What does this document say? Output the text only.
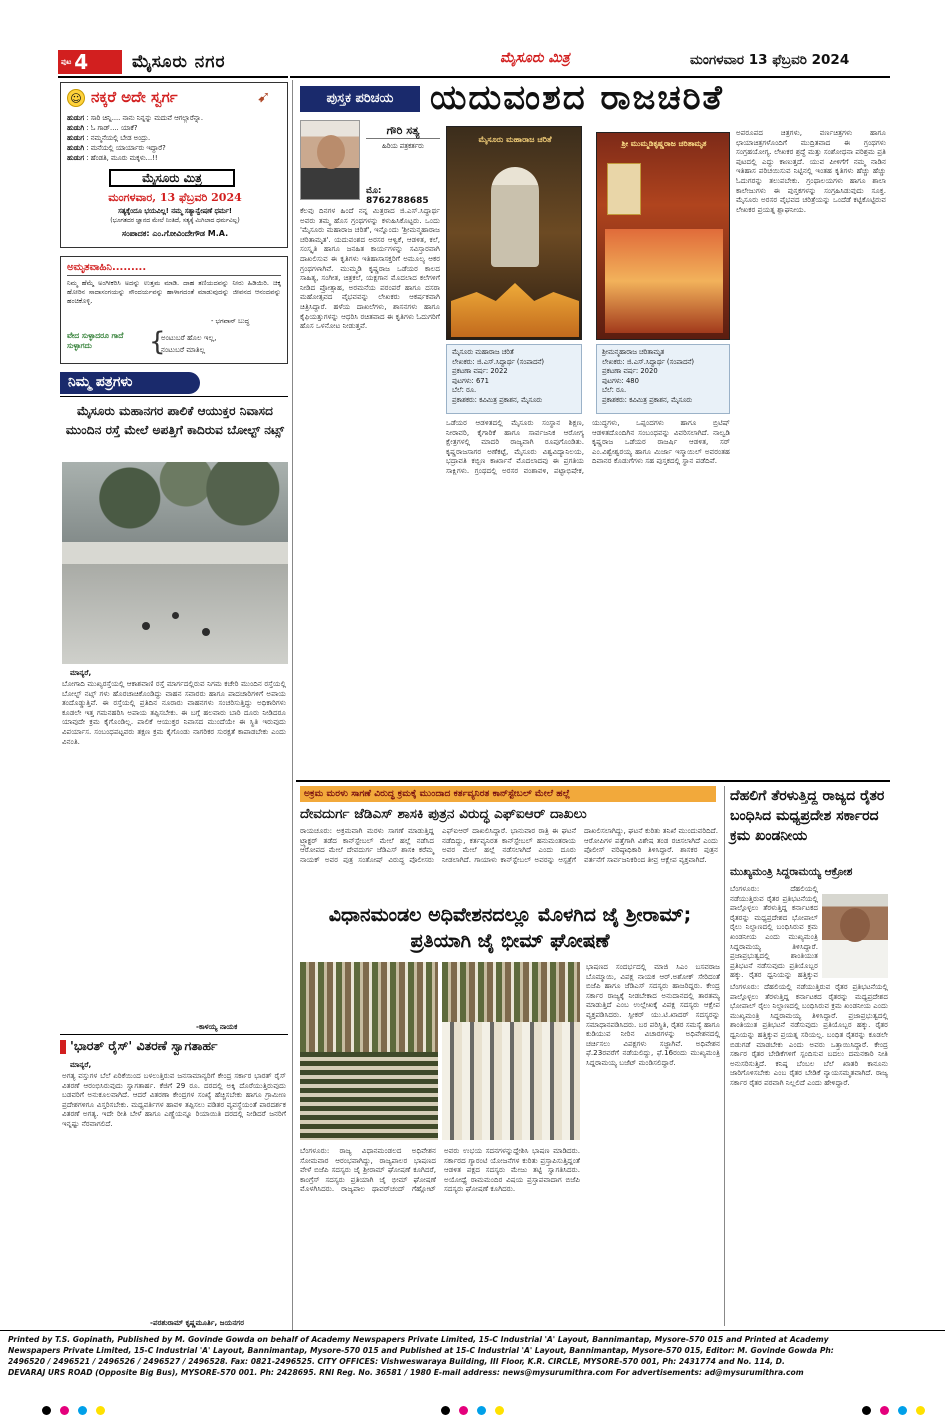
ಪುಟ 4	ಮೈಸೂರು ನಗರ	ಮೈಸೂರು ಮಿತ್ರ	ಮಂಗಳವಾರ 13 ಫೆಬ್ರವರಿ 2024
☺ ನಕ್ಕರೆ ಅದೇ ಸ್ವರ್ಗ	➹
ಹುಡುಗ : ಸಾರಿ ಚಿನ್ನಿ.... ನಾನು ನಿನ್ನನ್ನು ಮದುವೆ ಆಗಲ್ಲಾರೆನ್ನಾ.
ಹುಡುಗಿ : ಓ ಗಾಡ್.... ಯಾಕೆ?
ಹುಡುಗ : ನಮ್ಮನೆಯಲ್ಲಿ ಬೇಡ ಅಂದ್ರು.
ಹುಡುಗಿ : ಮನೆಯಲ್ಲಿ ಯಾರ್ಯಾರು ಇದ್ದಾರೆ?
ಹುಡುಗ : ಹೆಂಡತಿ, ಮೂರು ಮಕ್ಕಳು...!!
ಮೈಸೂರು ಮಿತ್ರ
ಮಂಗಳವಾರ, 13 ಫೆಬ್ರವರಿ 2024
ಸತ್ಯಕ್ಕೆಂದೂ ಭಯವಿಲ್ಲ! ನಮ್ಮ ಸತ್ಯಾನ್ವೇಷಣೆ ಧರ್ಮ!
(ಭೂಗತದರ ಜ್ಞಾನದ ಮೇಲೆ ನಿಂತಿದೆ, ಸತ್ಯಕ್ಕೆ ಮಿಗಿಲಾದ ಧರ್ಮವಿಲ್ಲ)
ಸಂಪಾದಕ: ಎಂ.ಗೋವಿಂದೇಗೌಡ M.A.
ಅಮೃತವಾಹಿನಿ.........
ನಿಮ್ಮ ಹೆಮ್ಮೆ ಅಂಗೀಕರಿಸಿ ಅದನ್ನು ಉತ್ತಮ ಮಾಡಿ. ದಾಹ ತಣಿಯದವನ್ನು ನೀರು ಹಿಡಿಯಿರಿ. ಚಿಕ್ಕ ಹೋರಿನ ಸಾದಾಸಂಗಯನ್ನು ಸೌಂದರ್ಯವನ್ನು ಹಾಳಾಗದಂತೆ ಮಾಡುವುದನ್ನು ಜೀವನದ ಆನಂದವನ್ನು ಹಂಚಿಕೊಳ್ಳಿ.
- ಭಗವಾನ್ ಬುದ್ಧ
ವೇದ ಸುಳ್ಳಾದರೂ ಗಾದೆ ಸುಳ್ಳಾಗದು	{
ಅಂಟುಬರೆ ಹೊಲ ಇಲ್ಲ,
ನಂಟುಬರೆ ಮಾತಿಲ್ಲ
ನಿಮ್ಮ ಪತ್ರಗಳು
ಮೈಸೂರು ಮಹಾನಗರ ಪಾಲಿಕೆ ಆಯುಕ್ತರ ನಿವಾಸದ ಮುಂದಿನ ರಸ್ತೆ ಮೇಲೆ ಅಪತ್ತಿಗೆ ಕಾದಿರುವ ಬೋಲ್ಟ್ ನಟ್ಸ್
ಮಾನ್ಯರೆ,
ಬೋಗಾದಿ ಮುಖ್ಯರಸ್ತೆಯಲ್ಲಿ ಆಕಾಶವಾಣಿ ರಸ್ತೆ ಮಾರ್ಗದಲ್ಲಿರುವ ನಿಗಮ ಕಚೇರಿ ಮುಂದಿನ ರಸ್ತೆಯಲ್ಲಿ ಬೋಲ್ಟ್ ನಟ್ಸ್ ಗಳು ಹೊರಚಾಚಿಕೊಂಡಿದ್ದು ವಾಹನ ಸವಾರರು ಹಾಗೂ ಪಾದಚಾರಿಗಳಿಗೆ ಅಪಾಯ ತಂದೊಡ್ಡುತ್ತಿವೆ. ಈ ರಸ್ತೆಯಲ್ಲಿ ಪ್ರತಿದಿನ ನೂರಾರು ವಾಹನಗಳು ಸಂಚರಿಸುತ್ತಿದ್ದು ಅಧಿಕಾರಿಗಳು ಕೂಡಲೇ ಇತ್ತ ಗಮನಹರಿಸಿ ಅಪಾಯ ತಪ್ಪಿಸಬೇಕು. ಈ ಬಗ್ಗೆ ಹಲವಾರು ಬಾರಿ ದೂರು ನೀಡಿದರೂ ಯಾವುದೇ ಕ್ರಮ ಕೈಗೊಂಡಿಲ್ಲ. ಪಾಲಿಕೆ ಆಯುಕ್ತರ ನಿವಾಸದ ಮುಂದೆಯೇ ಈ ಸ್ಥಿತಿ ಇರುವುದು ವಿಪರ್ಯಾಸ. ಸಂಬಂಧಪಟ್ಟವರು ತಕ್ಷಣ ಕ್ರಮ ಕೈಗೊಂಡು ನಾಗರಿಕರ ಸುರಕ್ಷತೆ ಕಾಪಾಡಬೇಕು ಎಂದು ವಿನಂತಿ.
-ಕಾಳಯ್ಯ ನಾಯಕ
'ಭಾರತ್ ರೈಸ್' ವಿತರಣೆ ಸ್ವಾಗತಾರ್ಹ
ಮಾನ್ಯರೆ,
ಅಗತ್ಯ ವಸ್ತುಗಳ ಬೆಲೆ ಏರಿಕೆಯಿಂದ ಬಳಲುತ್ತಿರುವ ಜನಸಾಮಾನ್ಯರಿಗೆ ಕೇಂದ್ರ ಸರ್ಕಾರ ಭಾರತ್ ರೈಸ್ ವಿತರಣೆ ಆರಂಭಿಸಿರುವುದು ಸ್ವಾಗತಾರ್ಹ. ಕೆಜಿಗೆ 29 ರೂ. ದರದಲ್ಲಿ ಅಕ್ಕಿ ದೊರೆಯುತ್ತಿರುವುದು ಬಡವರಿಗೆ ಅನುಕೂಲವಾಗಿದೆ. ಆದರೆ ವಿತರಣಾ ಕೇಂದ್ರಗಳ ಸಂಖ್ಯೆ ಹೆಚ್ಚಿಸಬೇಕು ಹಾಗೂ ಗ್ರಾಮೀಣ ಪ್ರದೇಶಗಳಿಗೂ ವಿಸ್ತರಿಸಬೇಕು. ಮಧ್ಯವರ್ತಿಗಳ ಹಾವಳಿ ತಪ್ಪಿಸಲು ಪಡಿತರ ವ್ಯವಸ್ಥೆಯಂತೆ ಪಾರದರ್ಶಕ ವಿತರಣೆ ಅಗತ್ಯ. ಇದೇ ರೀತಿ ಬೇಳೆ ಹಾಗೂ ಎಣ್ಣೆಯನ್ನೂ ರಿಯಾಯಿತಿ ದರದಲ್ಲಿ ನೀಡಿದರೆ ಜನರಿಗೆ ಇನ್ನಷ್ಟು ನೆರವಾಗಲಿದೆ.
-ಪರಶುರಾಮ್ ಕೃಷ್ಣಮೂರ್ತಿ, ಜಯನಗರ
ಪುಸ್ತಕ ಪರಿಚಯ	ಯದುವಂಶದ ರಾಜಚರಿತೆ
ಗೌರಿ ಸತ್ಯ
ಹಿರಿಯ ಪತ್ರಕರ್ತರು
ಮೊ: 8762788685
ಮೈಸೂರು ಮಹಾರಾಜ ಚರಿತೆ
ಮೈಸೂರು ಮಹಾರಾಜ ಚರಿತೆ
ಲೇಖಕರು: ಜಿ.ಎಸ್.ಸಿದ್ಧಾರ್ಥ (ಸಂಪಾದನೆ)
ಪ್ರಕಟಣಾ ವರ್ಷ: 2022
ಪುಟಗಳು: 671
ಬೆಲೆ: ರೂ.
ಪ್ರಕಾಶಕರು: ಕವಿಮಿತ್ರ ಪ್ರಕಾಶನ, ಮೈಸೂರು
ಶ್ರೀ ಮುಮ್ಮಡಿಕೃಷ್ಣರಾಜ ಚರಿತಾಮೃತ
ಶ್ರೀಮನ್ಮಹಾರಾಜ ಚರಿತಾಮೃತ
ಲೇಖಕರು: ಜಿ.ಎಸ್.ಸಿದ್ಧಾರ್ಥ (ಸಂಪಾದನೆ)
ಪ್ರಕಟಣಾ ವರ್ಷ: 2020
ಪುಟಗಳು: 480
ಬೆಲೆ: ರೂ.
ಪ್ರಕಾಶಕರು: ಕವಿಮಿತ್ರ ಪ್ರಕಾಶನ, ಮೈಸೂರು
ಕೆಲವು ದಿನಗಳ ಹಿಂದೆ ನನ್ನ ಮಿತ್ರರಾದ ಜಿ.ಎಸ್.ಸಿದ್ಧಾರ್ಥ ಅವರು ತಮ್ಮ ಹೊಸ ಗ್ರಂಥಗಳನ್ನು ಕಳುಹಿಸಿಕೊಟ್ಟರು. ಒಂದು 'ಮೈಸೂರು ಮಹಾರಾಜ ಚರಿತೆ', ಇನ್ನೊಂದು 'ಶ್ರೀಮನ್ಮಹಾರಾಜ ಚರಿತಾಮೃತ'. ಯದುವಂಶದ ಅರಸರ ಆಳ್ವಿಕೆ, ಆಡಳಿತ, ಕಲೆ, ಸಂಸ್ಕೃತಿ ಹಾಗೂ ಜನಹಿತ ಕಾರ್ಯಗಳನ್ನು ಸವಿಸ್ತಾರವಾಗಿ ದಾಖಲಿಸುವ ಈ ಕೃತಿಗಳು ಇತಿಹಾಸಾಸಕ್ತರಿಗೆ ಅಮೂಲ್ಯ ಆಕರ ಗ್ರಂಥಗಳಾಗಿವೆ. ಮುಮ್ಮಡಿ ಕೃಷ್ಣರಾಜ ಒಡೆಯರ ಕಾಲದ ಸಾಹಿತ್ಯ, ಸಂಗೀತ, ಚಿತ್ರಕಲೆ, ಯಕ್ಷಗಾನ ಮೊದಲಾದ ಕಲೆಗಳಿಗೆ ನೀಡಿದ ಪ್ರೋತ್ಸಾಹ, ಅರಮನೆಯ ಪರಂಪರೆ ಹಾಗೂ ದಸರಾ ಮಹೋತ್ಸವದ ವೈಭವವನ್ನು ಲೇಖಕರು ಆಕರ್ಷಕವಾಗಿ ಚಿತ್ರಿಸಿದ್ದಾರೆ. ಹಳೆಯ ದಾಖಲೆಗಳು, ಶಾಸನಗಳು ಹಾಗೂ ಕೈಫಿಯತ್ತುಗಳನ್ನು ಆಧರಿಸಿ ರಚಿತವಾದ ಈ ಕೃತಿಗಳು ಓದುಗರಿಗೆ ಹೊಸ ಒಳನೋಟ ನೀಡುತ್ತವೆ.
ಒಡೆಯರ ಆಡಳಿತದಲ್ಲಿ ಮೈಸೂರು ಸಂಸ್ಥಾನ ಶಿಕ್ಷಣ, ನೀರಾವರಿ, ಕೈಗಾರಿಕೆ ಹಾಗೂ ಸಾರ್ವಜನಿಕ ಆರೋಗ್ಯ ಕ್ಷೇತ್ರಗಳಲ್ಲಿ ಮಾದರಿ ರಾಜ್ಯವಾಗಿ ರೂಪುಗೊಂಡಿತು. ಕೃಷ್ಣರಾಜಸಾಗರ ಅಣೆಕಟ್ಟೆ, ಮೈಸೂರು ವಿಶ್ವವಿದ್ಯಾನಿಲಯ, ಭದ್ರಾವತಿ ಕಬ್ಬಿಣ ಕಾರ್ಖಾನೆ ಮೊದಲಾದವು ಈ ಪ್ರಗತಿಯ ಸಾಕ್ಷಿಗಳು. ಗ್ರಂಥದಲ್ಲಿ ಅರಸರ ವಂಶಾವಳಿ, ಪಟ್ಟಾಭಿಷೇಕ, ಯುದ್ಧಗಳು, ಒಪ್ಪಂದಗಳು ಹಾಗೂ ಬ್ರಿಟಿಷ್ ಆಡಳಿತದೊಂದಿಗಿನ ಸಂಬಂಧವನ್ನು ವಿವರಿಸಲಾಗಿದೆ. ನಾಲ್ವಡಿ ಕೃಷ್ಣರಾಜ ಒಡೆಯರ ರಾಜರ್ಷಿ ಆಡಳಿತ, ಸರ್ ಎಂ.ವಿಶ್ವೇಶ್ವರಯ್ಯ ಹಾಗೂ ಮಿರ್ಜಾ ಇಸ್ಮಾಯಿಲ್ ಅವರಂತಹ ದಿವಾನರ ಕೊಡುಗೆಗಳು ಸಹ ಪುಸ್ತಕದಲ್ಲಿ ಸ್ಥಾನ ಪಡೆದಿವೆ.
ಅಪರೂಪದ ಚಿತ್ರಗಳು, ವರ್ಣಚಿತ್ರಗಳು ಹಾಗೂ ಛಾಯಾಚಿತ್ರಗಳೊಂದಿಗೆ ಮುದ್ರಿತವಾದ ಈ ಗ್ರಂಥಗಳು ಸಂಗ್ರಹಯೋಗ್ಯ. ಲೇಖಕರ ಶ್ರದ್ಧೆ ಮತ್ತು ಸಂಶೋಧನಾ ಪರಿಶ್ರಮ ಪ್ರತಿ ಪುಟದಲ್ಲಿ ಎದ್ದು ಕಾಣುತ್ತದೆ. ಯುವ ಪೀಳಿಗೆಗೆ ನಮ್ಮ ನಾಡಿನ ಇತಿಹಾಸ ಪರಿಚಯಿಸುವ ನಿಟ್ಟಿನಲ್ಲಿ ಇಂತಹ ಕೃತಿಗಳು ಹೆಚ್ಚು ಹೆಚ್ಚು ಓದುಗರನ್ನು ತಲುಪಬೇಕು. ಗ್ರಂಥಾಲಯಗಳು ಹಾಗೂ ಶಾಲಾ ಕಾಲೇಜುಗಳು ಈ ಪುಸ್ತಕಗಳನ್ನು ಸಂಗ್ರಹಿಸಿಡುವುದು ಸೂಕ್ತ. ಮೈಸೂರು ಅರಸರ ವೈಭವದ ಚರಿತ್ರೆಯನ್ನು ಒಂದೆಡೆ ಕಟ್ಟಿಕೊಟ್ಟಿರುವ ಲೇಖಕರ ಪ್ರಯತ್ನ ಶ್ಲಾಘನೀಯ.
ಅಕ್ರಮ ಮರಳು ಸಾಗಣೆ ವಿರುದ್ಧ ಕ್ರಮಕ್ಕೆ ಮುಂದಾದ ಕರ್ತವ್ಯನಿರತ ಕಾನ್‌ಸ್ಟೇಬಲ್ ಮೇಲೆ ಹಲ್ಲೆ
ದೇವದುರ್ಗ ಜೆಡಿಎಸ್ ಶಾಸಕಿ ಪುತ್ರನ ವಿರುದ್ಧ ಎಫ್‌ಐಆರ್ ದಾಖಲು
ರಾಯಚೂರು: ಅಕ್ರಮವಾಗಿ ಮರಳು ಸಾಗಣೆ ಮಾಡುತ್ತಿದ್ದ ಟ್ರ್ಯಾಕ್ಟರ್ ತಡೆದ ಕಾನ್‌ಸ್ಟೇಬಲ್ ಮೇಲೆ ಹಲ್ಲೆ ನಡೆಸಿದ ಆರೋಪದ ಮೇಲೆ ದೇವದುರ್ಗ ಜೆಡಿಎಸ್ ಶಾಸಕಿ ಕರೆಮ್ಮ ನಾಯಕ್ ಅವರ ಪುತ್ರ ಸಂತೋಷ್ ವಿರುದ್ಧ ಪೊಲೀಸರು ಎಫ್‌ಐಆರ್ ದಾಖಲಿಸಿದ್ದಾರೆ. ಭಾನುವಾರ ರಾತ್ರಿ ಈ ಘಟನೆ ನಡೆದಿದ್ದು, ಕರ್ತವ್ಯನಿರತ ಕಾನ್‌ಸ್ಟೇಬಲ್ ಹನುಮಂತರಾಯ ಅವರ ಮೇಲೆ ಹಲ್ಲೆ ನಡೆಸಲಾಗಿದೆ ಎಂದು ದೂರು ನೀಡಲಾಗಿದೆ. ಗಾಯಾಳು ಕಾನ್‌ಸ್ಟೇಬಲ್ ಅವರನ್ನು ಆಸ್ಪತ್ರೆಗೆ ದಾಖಲಿಸಲಾಗಿದ್ದು, ಘಟನೆ ಕುರಿತು ತನಿಖೆ ಮುಂದುವರಿದಿದೆ. ಆರೋಪಿಗಳ ಪತ್ತೆಗಾಗಿ ವಿಶೇಷ ತಂಡ ರಚಿಸಲಾಗಿದೆ ಎಂದು ಪೊಲೀಸ್ ವರಿಷ್ಠಾಧಿಕಾರಿ ತಿಳಿಸಿದ್ದಾರೆ. ಶಾಸಕರ ಪುತ್ರನ ವರ್ತನೆಗೆ ಸಾರ್ವಜನಿಕರಿಂದ ತೀವ್ರ ಆಕ್ಷೇಪ ವ್ಯಕ್ತವಾಗಿದೆ.
ವಿಧಾನಮಂಡಲ ಅಧಿವೇಶನದಲ್ಲೂ ಮೊಳಗಿದ ಜೈ ಶ್ರೀರಾಮ್; ಪ್ರತಿಯಾಗಿ ಜೈ ಭೀಮ್ ಘೋಷಣೆ
ಬೆಂಗಳೂರು: ರಾಜ್ಯ ವಿಧಾನಮಂಡಲದ ಅಧಿವೇಶನ ಸೋಮವಾರ ಆರಂಭವಾಗಿದ್ದು, ರಾಜ್ಯಪಾಲರ ಭಾಷಣದ ವೇಳೆ ಬಿಜೆಪಿ ಸದಸ್ಯರು ಜೈ ಶ್ರೀರಾಮ್ ಘೋಷಣೆ ಕೂಗಿದರೆ, ಕಾಂಗ್ರೆಸ್ ಸದಸ್ಯರು ಪ್ರತಿಯಾಗಿ ಜೈ ಭೀಮ್ ಘೋಷಣೆ ಮೊಳಗಿಸಿದರು. ರಾಜ್ಯಪಾಲ ಥಾವರ್‌ಚಂದ್ ಗೆಹ್ಲೋಟ್ ಅವರು ಉಭಯ ಸದನಗಳನ್ನುದ್ದೇಶಿಸಿ ಭಾಷಣ ಮಾಡಿದರು. ಸರ್ಕಾರದ ಗ್ಯಾರಂಟಿ ಯೋಜನೆಗಳ ಕುರಿತು ಪ್ರಸ್ತಾಪಿಸುತ್ತಿದ್ದಂತೆ ಆಡಳಿತ ಪಕ್ಷದ ಸದಸ್ಯರು ಮೇಜು ತಟ್ಟಿ ಸ್ವಾಗತಿಸಿದರು. ಅಯೋಧ್ಯೆ ರಾಮಮಂದಿರ ವಿಷಯ ಪ್ರಸ್ತಾಪವಾದಾಗ ಬಿಜೆಪಿ ಸದಸ್ಯರು ಘೋಷಣೆ ಕೂಗಿದರು.
ಭಾಷಣದ ಸಂದರ್ಭದಲ್ಲಿ ಮಾಜಿ ಸಿಎಂ ಬಸವರಾಜ ಬೊಮ್ಮಾಯಿ, ವಿಪಕ್ಷ ನಾಯಕ ಆರ್.ಅಶೋಕ್ ಸೇರಿದಂತೆ ಬಿಜೆಪಿ ಹಾಗೂ ಜೆಡಿಎಸ್ ಸದಸ್ಯರು ಹಾಜರಿದ್ದರು. ಕೇಂದ್ರ ಸರ್ಕಾರ ರಾಜ್ಯಕ್ಕೆ ನೀಡಬೇಕಾದ ಅನುದಾನದಲ್ಲಿ ತಾರತಮ್ಯ ಮಾಡುತ್ತಿದೆ ಎಂಬ ಉಲ್ಲೇಖಕ್ಕೆ ವಿಪಕ್ಷ ಸದಸ್ಯರು ಆಕ್ಷೇಪ ವ್ಯಕ್ತಪಡಿಸಿದರು. ಸ್ಪೀಕರ್ ಯು.ಟಿ.ಖಾದರ್ ಸದಸ್ಯರನ್ನು ಸಮಾಧಾನಪಡಿಸಿದರು. ಬರ ಪರಿಸ್ಥಿತಿ, ರೈತರ ಸಮಸ್ಯೆ ಹಾಗೂ ಕುಡಿಯುವ ನೀರಿನ ವಿಚಾರಗಳನ್ನು ಅಧಿವೇಶನದಲ್ಲಿ ಚರ್ಚಿಸಲು ವಿಪಕ್ಷಗಳು ಸಜ್ಜಾಗಿವೆ. ಅಧಿವೇಶನ ಫೆ.23ರವರೆಗೆ ನಡೆಯಲಿದ್ದು, ಫೆ.16ರಂದು ಮುಖ್ಯಮಂತ್ರಿ ಸಿದ್ದರಾಮಯ್ಯ ಬಜೆಟ್ ಮಂಡಿಸಲಿದ್ದಾರೆ.
ದೆಹಲಿಗೆ ತೆರಳುತ್ತಿದ್ದ ರಾಜ್ಯದ ರೈತರ ಬಂಧಿಸಿದ ಮಧ್ಯಪ್ರದೇಶ ಸರ್ಕಾರದ ಕ್ರಮ ಖಂಡನೀಯ
ಮುಖ್ಯಮಂತ್ರಿ ಸಿದ್ದರಾಮಯ್ಯ ಆಕ್ರೋಶ
ಬೆಂಗಳೂರು: ದೆಹಲಿಯಲ್ಲಿ ನಡೆಯುತ್ತಿರುವ ರೈತರ ಪ್ರತಿಭಟನೆಯಲ್ಲಿ ಪಾಲ್ಗೊಳ್ಳಲು ತೆರಳುತ್ತಿದ್ದ ಕರ್ನಾಟಕದ ರೈತರನ್ನು ಮಧ್ಯಪ್ರದೇಶದ ಭೋಪಾಲ್ ರೈಲು ನಿಲ್ದಾಣದಲ್ಲಿ ಬಂಧಿಸಿರುವ ಕ್ರಮ ಖಂಡನೀಯ ಎಂದು ಮುಖ್ಯಮಂತ್ರಿ ಸಿದ್ದರಾಮಯ್ಯ ತಿಳಿಸಿದ್ದಾರೆ. ಪ್ರಜಾಪ್ರಭುತ್ವದಲ್ಲಿ ಶಾಂತಿಯುತ ಪ್ರತಿಭಟನೆ ನಡೆಸುವುದು ಪ್ರತಿಯೊಬ್ಬರ ಹಕ್ಕು. ರೈತರ ಧ್ವನಿಯನ್ನು ಹತ್ತಿಕ್ಕುವ
ಬೆಂಗಳೂರು: ದೆಹಲಿಯಲ್ಲಿ ನಡೆಯುತ್ತಿರುವ ರೈತರ ಪ್ರತಿಭಟನೆಯಲ್ಲಿ ಪಾಲ್ಗೊಳ್ಳಲು ತೆರಳುತ್ತಿದ್ದ ಕರ್ನಾಟಕದ ರೈತರನ್ನು ಮಧ್ಯಪ್ರದೇಶದ ಭೋಪಾಲ್ ರೈಲು ನಿಲ್ದಾಣದಲ್ಲಿ ಬಂಧಿಸಿರುವ ಕ್ರಮ ಖಂಡನೀಯ ಎಂದು ಮುಖ್ಯಮಂತ್ರಿ ಸಿದ್ದರಾಮಯ್ಯ ತಿಳಿಸಿದ್ದಾರೆ. ಪ್ರಜಾಪ್ರಭುತ್ವದಲ್ಲಿ ಶಾಂತಿಯುತ ಪ್ರತಿಭಟನೆ ನಡೆಸುವುದು ಪ್ರತಿಯೊಬ್ಬರ ಹಕ್ಕು. ರೈತರ ಧ್ವನಿಯನ್ನು ಹತ್ತಿಕ್ಕುವ ಪ್ರಯತ್ನ ಸರಿಯಲ್ಲ. ಬಂಧಿತ ರೈತರನ್ನು ಕೂಡಲೇ ಬಿಡುಗಡೆ ಮಾಡಬೇಕು ಎಂದು ಅವರು ಒತ್ತಾಯಿಸಿದ್ದಾರೆ. ಕೇಂದ್ರ ಸರ್ಕಾರ ರೈತರ ಬೇಡಿಕೆಗಳಿಗೆ ಸ್ಪಂದಿಸುವ ಬದಲು ದಮನಕಾರಿ ನೀತಿ ಅನುಸರಿಸುತ್ತಿದೆ. ಕನಿಷ್ಠ ಬೆಂಬಲ ಬೆಲೆ ಖಾತರಿ ಕಾನೂನು ಜಾರಿಗೊಳಿಸಬೇಕು ಎಂಬ ರೈತರ ಬೇಡಿಕೆ ನ್ಯಾಯಸಮ್ಮತವಾಗಿದೆ. ರಾಜ್ಯ ಸರ್ಕಾರ ರೈತರ ಪರವಾಗಿ ನಿಲ್ಲಲಿದೆ ಎಂದು ಹೇಳಿದ್ದಾರೆ.
Printed by T.S. Gopinath, Published by M. Govinde Gowda on behalf of Academy Newspapers Private Limited, 15-C Industrial 'A' Layout, Bannimantap, Mysore-570 015 and Printed at Academy
Newspapers Private Limited, 15-C Industrial 'A' Layout, Bannimantap, Mysore-570 015 and Published at 15-C Industrial 'A' Layout, Bannimantap, Mysore-570 015, Editor: M. Govinde Gowda Ph:
2496520 / 2496521 / 2496526 / 2496527 / 2496528. Fax: 0821-2496525. CITY OFFICES: Vishweswaraya Building, III Floor, K.R. CIRCLE, MYSORE-570 001, Ph: 2431774 and No. 114, D.
DEVARAJ URS ROAD (Opposite Big Bus), MYSORE-570 001. Ph: 2428695. RNI Reg. No. 36581 / 1980 E-mail address: news@mysurumithra.com For advertisements: ad@mysurumithra.com
